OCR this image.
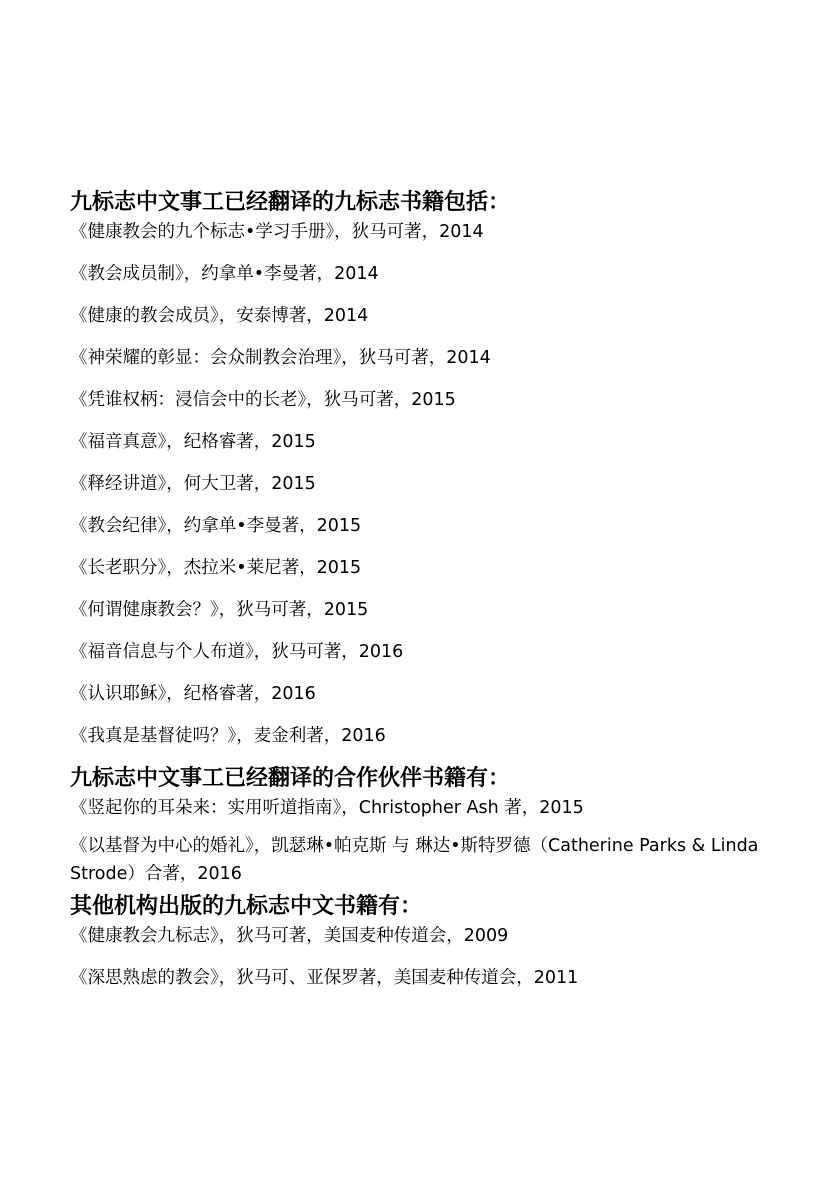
九标志中文事工已经翻译的九标志书籍包括：
《健康教会的九个标志•学习手册》，狄马可著，2014
《教会成员制》，约拿单•李曼著，2014
《健康的教会成员》，安泰博著，2014
《神荣耀的彰显：会众制教会治理》，狄马可著，2014
《凭谁权柄：浸信会中的长老》，狄马可著，2015
《福音真意》，纪格睿著，2015
《释经讲道》，何大卫著，2015
《教会纪律》，约拿单•李曼著，2015
《长老职分》，杰拉米•莱尼著，2015
《何谓健康教会？》，狄马可著，2015
《福音信息与个人布道》，狄马可著，2016
《认识耶稣》，纪格睿著，2016
《我真是基督徒吗？》，麦金利著，2016
九标志中文事工已经翻译的合作伙伴书籍有：
《竖起你的耳朵来：实用听道指南》，Christopher Ash 著，2015
《以基督为中心的婚礼》，凯瑟琳•帕克斯 与 琳达•斯特罗德（Catherine Parks & Linda Strode）合著，2016
其他机构出版的九标志中文书籍有：
《健康教会九标志》，狄马可著，美国麦种传道会，2009
《深思熟虑的教会》，狄马可、亚保罗著，美国麦种传道会，2011
